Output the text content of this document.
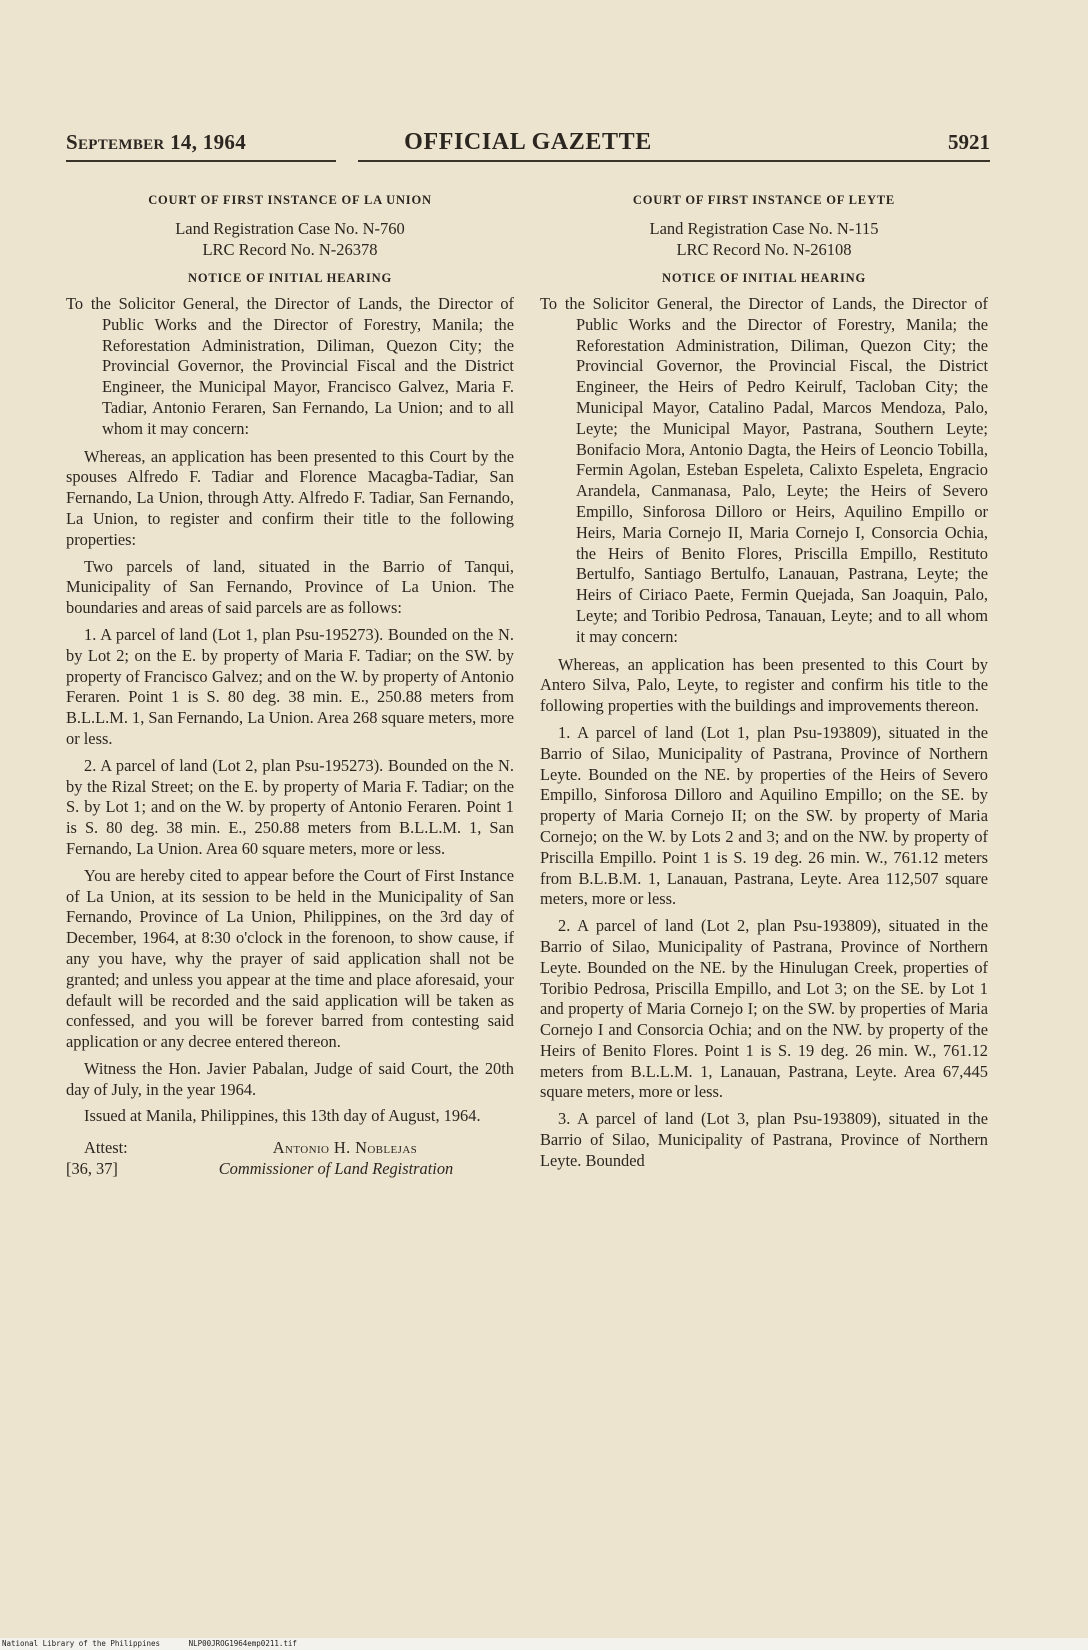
OFFICIAL GAZETTE
September 14, 1964	5921
COURT OF FIRST INSTANCE OF LA UNION
Land Registration Case No. N-760
LRC Record No. N-26378
NOTICE OF INITIAL HEARING

To the Solicitor General, the Director of Lands, the Director of Public Works and the Director of Forestry, Manila; the Reforestation Administration, Diliman, Quezon City; the Provincial Governor, the Provincial Fiscal and the District Engineer, the Municipal Mayor, Francisco Galvez, Maria F. Tadiar, Antonio Feraren, San Fernando, La Union; and to all whom it may concern:

Whereas, an application has been presented to this Court by the spouses Alfredo F. Tadiar and Florence Macagba-Tadiar, San Fernando, La Union, through Atty. Alfredo F. Tadiar, San Fernando, La Union, to register and confirm their title to the following properties:

Two parcels of land, situated in the Barrio of Tanqui, Municipality of San Fernando, Province of La Union. The boundaries and areas of said parcels are as follows:

1. A parcel of land (Lot 1, plan Psu-195273). Bounded on the N. by Lot 2; on the E. by property of Maria F. Tadiar; on the SW. by property of Francisco Galvez; and on the W. by property of Antonio Feraren. Point 1 is S. 80 deg. 38 min. E., 250.88 meters from B.L.L.M. 1, San Fernando, La Union. Area 268 square meters, more or less.

2. A parcel of land (Lot 2, plan Psu-195273). Bounded on the N. by the Rizal Street; on the E. by property of Maria F. Tadiar; on the S. by Lot 1; and on the W. by property of Antonio Feraren. Point 1 is S. 80 deg. 38 min. E., 250.88 meters from B.L.L.M. 1, San Fernando, La Union. Area 60 square meters, more or less.

You are hereby cited to appear before the Court of First Instance of La Union, at its session to be held in the Municipality of San Fernando, Province of La Union, Philippines, on the 3rd day of December, 1964, at 8:30 o'clock in the forenoon, to show cause, if any you have, why the prayer of said application shall not be granted; and unless you appear at the time and place aforesaid, your default will be recorded and the said application will be taken as confessed, and you will be forever barred from contesting said application or any decree entered thereon.

Witness the Hon. Javier Pabalan, Judge of said Court, the 20th day of July, in the year 1964.

Issued at Manila, Philippines, this 13th day of August, 1964.

Attest:	Antonio H. Noblejas
[36, 37]	Commissioner of Land Registration
COURT OF FIRST INSTANCE OF LEYTE
Land Registration Case No. N-115
LRC Record No. N-26108
NOTICE OF INITIAL HEARING

To the Solicitor General, the Director of Lands, the Director of Public Works and the Director of Forestry, Manila; the Reforestation Administration, Diliman, Quezon City; the Provincial Governor, the Provincial Fiscal, the District Engineer, the Heirs of Pedro Keirulf, Tacloban City; the Municipal Mayor, Catalino Padal, Marcos Mendoza, Palo, Leyte; the Municipal Mayor, Pastrana, Southern Leyte; Bonifacio Mora, Antonio Dagta, the Heirs of Leoncio Tobilla, Fermin Agolan, Esteban Espeleta, Calixto Espeleta, Engracio Arandela, Canmanasa, Palo, Leyte; the Heirs of Severo Empillo, Sinforosa Dilloro or Heirs, Aquilino Empillo or Heirs, Maria Cornejo II, Maria Cornejo I, Consorcia Ochia, the Heirs of Benito Flores, Priscilla Empillo, Restituto Bertulfo, Santiago Bertulfo, Lanauan, Pastrana, Leyte; the Heirs of Ciriaco Paete, Fermin Quejada, San Joaquin, Palo, Leyte; and Toribio Pedrosa, Tanauan, Leyte; and to all whom it may concern:

Whereas, an application has been presented to this Court by Antero Silva, Palo, Leyte, to register and confirm his title to the following properties with the buildings and improvements thereon.

1. A parcel of land (Lot 1, plan Psu-193809), situated in the Barrio of Silao, Municipality of Pastrana, Province of Northern Leyte. Bounded on the NE. by properties of the Heirs of Severo Empillo, Sinforosa Dilloro and Aquilino Empillo; on the SE. by property of Maria Cornejo II; on the SW. by property of Maria Cornejo; on the W. by Lots 2 and 3; and on the NW. by property of Priscilla Empillo. Point 1 is S. 19 deg. 26 min. W., 761.12 meters from B.L.B.M. 1, Lanauan, Pastrana, Leyte. Area 112,507 square meters, more or less.

2. A parcel of land (Lot 2, plan Psu-193809), situated in the Barrio of Silao, Municipality of Pastrana, Province of Northern Leyte. Bounded on the NE. by the Hinulugan Creek, properties of Toribio Pedrosa, Priscilla Empillo, and Lot 3; on the SE. by Lot 1 and property of Maria Cornejo I; on the SW. by properties of Maria Cornejo I and Consorcia Ochia; and on the NW. by property of the Heirs of Benito Flores. Point 1 is S. 19 deg. 26 min. W., 761.12 meters from B.L.L.M. 1, Lanauan, Pastrana, Leyte. Area 67,445 square meters, more or less.

3. A parcel of land (Lot 3, plan Psu-193809), situated in the Barrio of Silao, Municipality of Pastrana, Province of Northern Leyte. Bounded

National Library of the Philippines	NLP00JROG1964emp0211.tif
